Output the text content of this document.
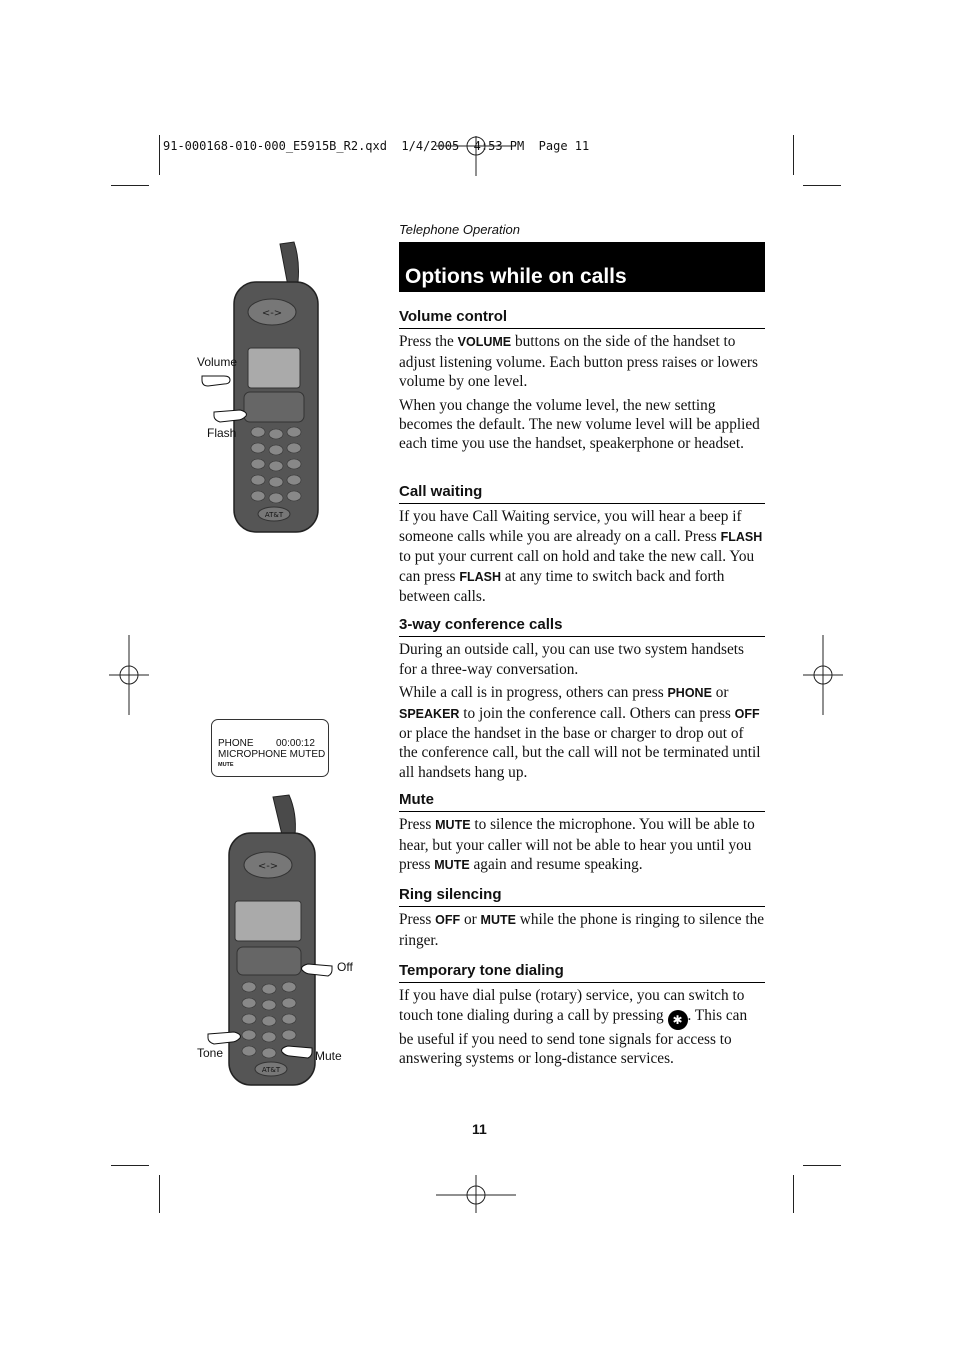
91-000168-010-000_E5915B_R2.qxd  1/4/2005  4:53 PM  Page 11
Telephone Operation
Options while on calls
<->
AT&T
Volume
Flash
PHONE 00:00:12
MICROPHONE MUTED
MUTE
<->
AT&T
Off
Tone	Mute
Volume control

Press the VOLUME buttons on the side of the handset to adjust listening volume. Each button press raises or lowers volume by one level.

When you change the volume level, the new setting becomes the default. The new volume level will be applied each time you use the handset, speakerphone or headset.

Call waiting

If you have Call Waiting service, you will hear a beep if someone calls while you are already on a call. Press FLASH to put your current call on hold and take the new call. You can press FLASH at any time to switch back and forth between calls.

3-way conference calls

During an outside call, you can use two system handsets for a three-way conversation.

While a call is in progress, others can press PHONE or SPEAKER to join the conference call. Others can press OFF or place the handset in the base or charger to drop out of the conference call, but the call will not be terminated until all handsets hang up.

Mute

Press MUTE to silence the microphone. You will be able to hear, but your caller will not be able to hear you until you press MUTE again and resume speaking.

Ring silencing

Press OFF or MUTE while the phone is ringing to silence the ringer.

Temporary tone dialing

If you have dial pulse (rotary) service, you can switch to touch tone dialing during a call by pressing ✱ . This can be useful if you need to send tone signals for access to answering systems or long-distance services.

11
